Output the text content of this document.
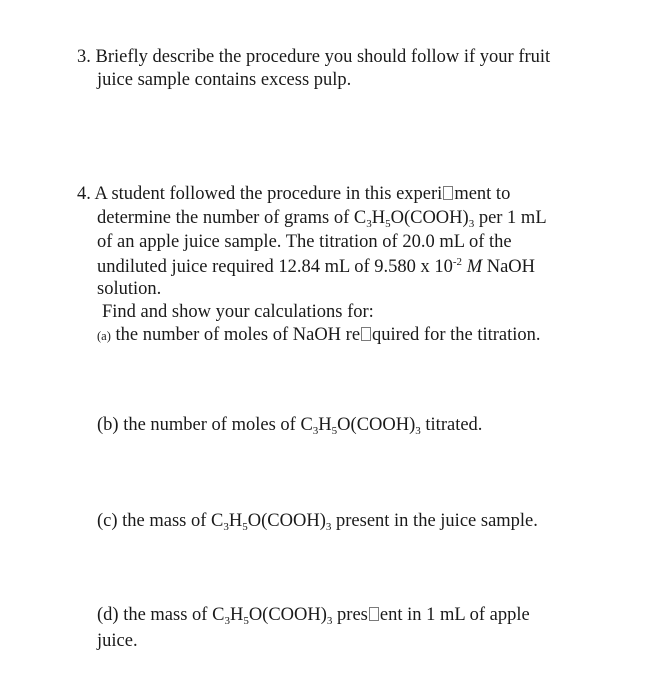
3. Briefly describe the procedure you should follow if your fruit
juice sample contains excess pulp.
4. A student followed the procedure in this experi ment to
determine the number of grams of $C_3H_5O(COOH)_3$ per 1 mL
of an apple juice sample. The titration of 20.0 mL of the
undiluted juice required 12.84 mL of 9.580 x $10^{-2}$ M NaOH
solution.
Find and show your calculations for:
(a) the number of moles of NaOH re quired for the titration.
(b) the number of moles of $C_3H_5O(COOH)_3$ titrated.
(c) the mass of $C_3H_5O(COOH)_3$ present in the juice sample.
(d) the mass of $C_3H_5O(COOH)_3$ pres ent in 1 mL of apple
juice.
